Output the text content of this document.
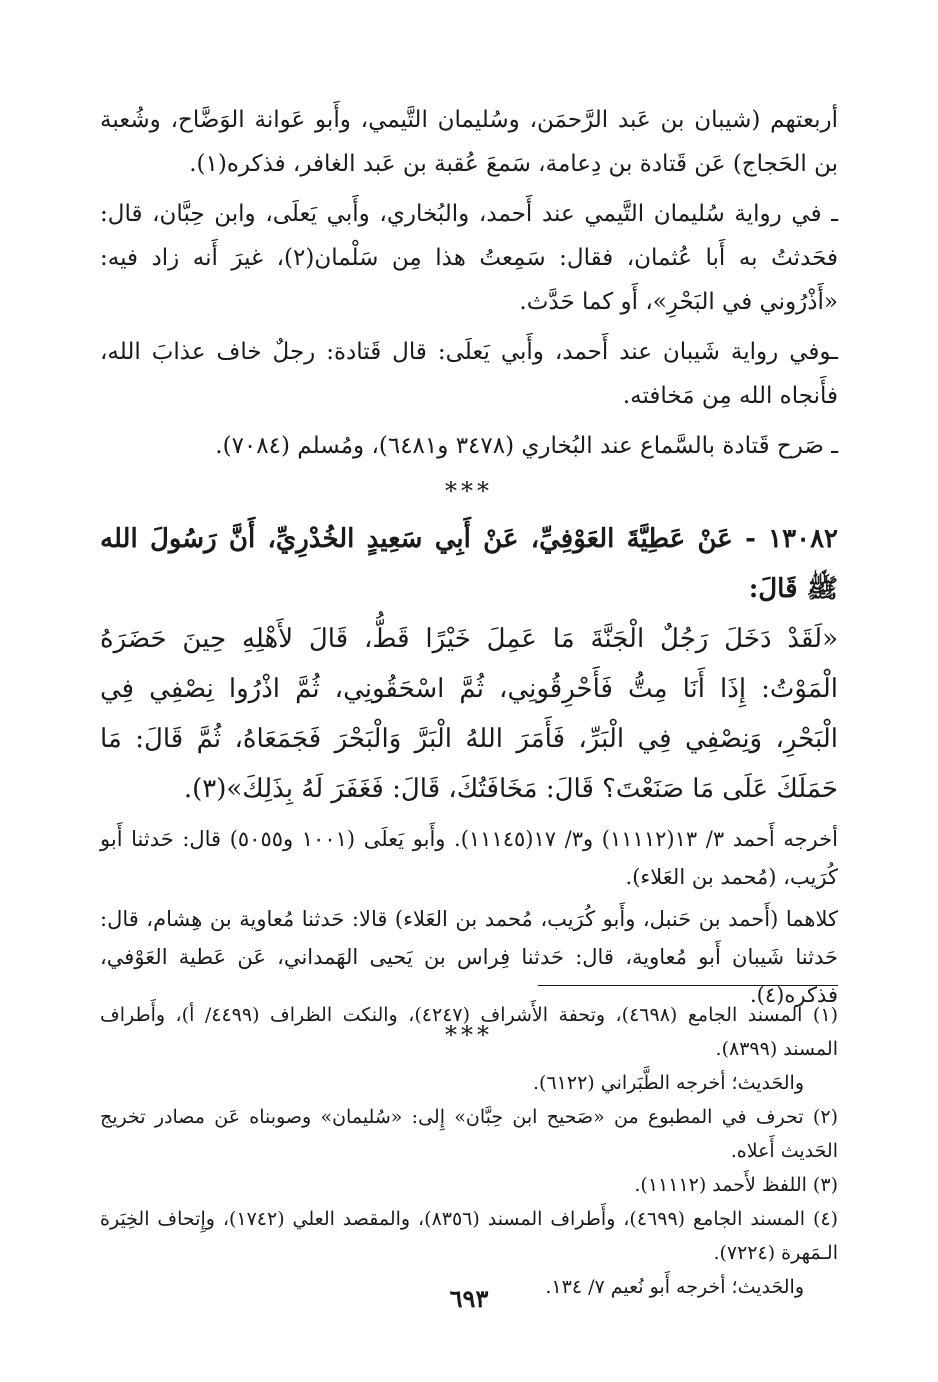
أربعتهم (شيبان بن عَبد الرَّحمَن، وسُليمان التَّيمي، وأَبو عَوانة الوَضَّاح، وشُعبة بن الحَجاج) عَن قَتادة بن دِعامة، سَمعَ عُقبة بن عَبد الغافر، فذكره(١).

ـ في رواية سُليمان التَّيمي عند أَحمد، والبُخاري، وأَبي يَعلَى، وابن حِبَّان، قال: فحَدثتُ به أَبا عُثمان، فقال: سَمِعتُ هذا مِن سَلْمان(٢)، غيرَ أَنه زاد فيه: «أَذْرُوني في البَحْرِ»، أَو كما حَدَّث.

ـوفي رواية شَيبان عند أَحمد، وأَبي يَعلَى: قال قَتادة: رجلٌ خاف عذابَ الله، فأَنجاه الله مِن مَخافته.

ـ صَرح قَتادة بالسَّماع عند البُخاري (٣٤٧٨ و٦٤٨١)، ومُسلم (٧٠٨٤).

***

١٣٠٨٢ - عَنْ عَطِيَّةَ العَوْفِيِّ، عَنْ أَبِي سَعِيدٍ الخُدْرِيِّ، أَنَّ رَسُولَ الله ﷺ قَالَ:

«لَقَدْ دَخَلَ رَجُلٌ الْجَنَّةَ مَا عَمِلَ خَيْرًا قَطُّ، قَالَ لأَهْلِهِ حِينَ حَضَرَهُ الْمَوْتُ: إِذَا أَنَا مِتُّ فَأَحْرِقُونِي، ثُمَّ اسْحَقُونِي، ثُمَّ اذْرُوا نِصْفِي فِي الْبَحْرِ، وَنِصْفِي فِي الْبَرِّ، فَأَمَرَ اللهُ الْبَرَّ وَالْبَحْرَ فَجَمَعَاهُ، ثُمَّ قَالَ: مَا حَمَلَكَ عَلَى مَا صَنَعْتَ؟ قَالَ: مَخَافَتُكَ، قَالَ: فَغَفَرَ لَهُ بِذَلِكَ»(٣).

أخرجه أَحمد ٣/ ١٣(١١١١٢) و٣/ ١٧(١١١٤٥). وأَبو يَعلَى (١٠٠١ و٥٠٥٥) قال: حَدثنا أَبو كُرَيب، (مُحمد بن العَلاء).

كلاهما (أَحمد بن حَنبل، وأَبو كُرَيب، مُحمد بن العَلاء) قالا: حَدثنا مُعاوية بن هِشام، قال: حَدثنا شَيبان أَبو مُعاوية، قال: حَدثنا فِراس بن يَحيى الهَمداني، عَن عَطية العَوْفي، فذكره(٤).

***

(١) المسند الجامع (٤٦٩٨)، وتحفة الأَشراف (٤٢٤٧)، والنكت الظراف (٤٤٩٩/ أ)، وأَطراف المسند (٨٣٩٩).

والحَديث؛ أخرجه الطَّبَراني (٦١٢٢).

(٢) تحرف في المطبوع من «صَحيح ابن حِبَّان» إِلى: «سُليمان» وصوبناه عَن مصادر تخريج الحَديث أَعلاه.

(٣) اللفظ لأَحمد (١١١١٢).

(٤) المسند الجامع (٤٦٩٩)، وأَطراف المسند (٨٣٥٦)، والمقصد العلي (١٧٤٢)، وإِتحاف الخِيَرة الـمَهرة (٧٢٢٤).

والحَديث؛ أخرجه أَبو نُعيم ٧/ ١٣٤.

٦٩٣
